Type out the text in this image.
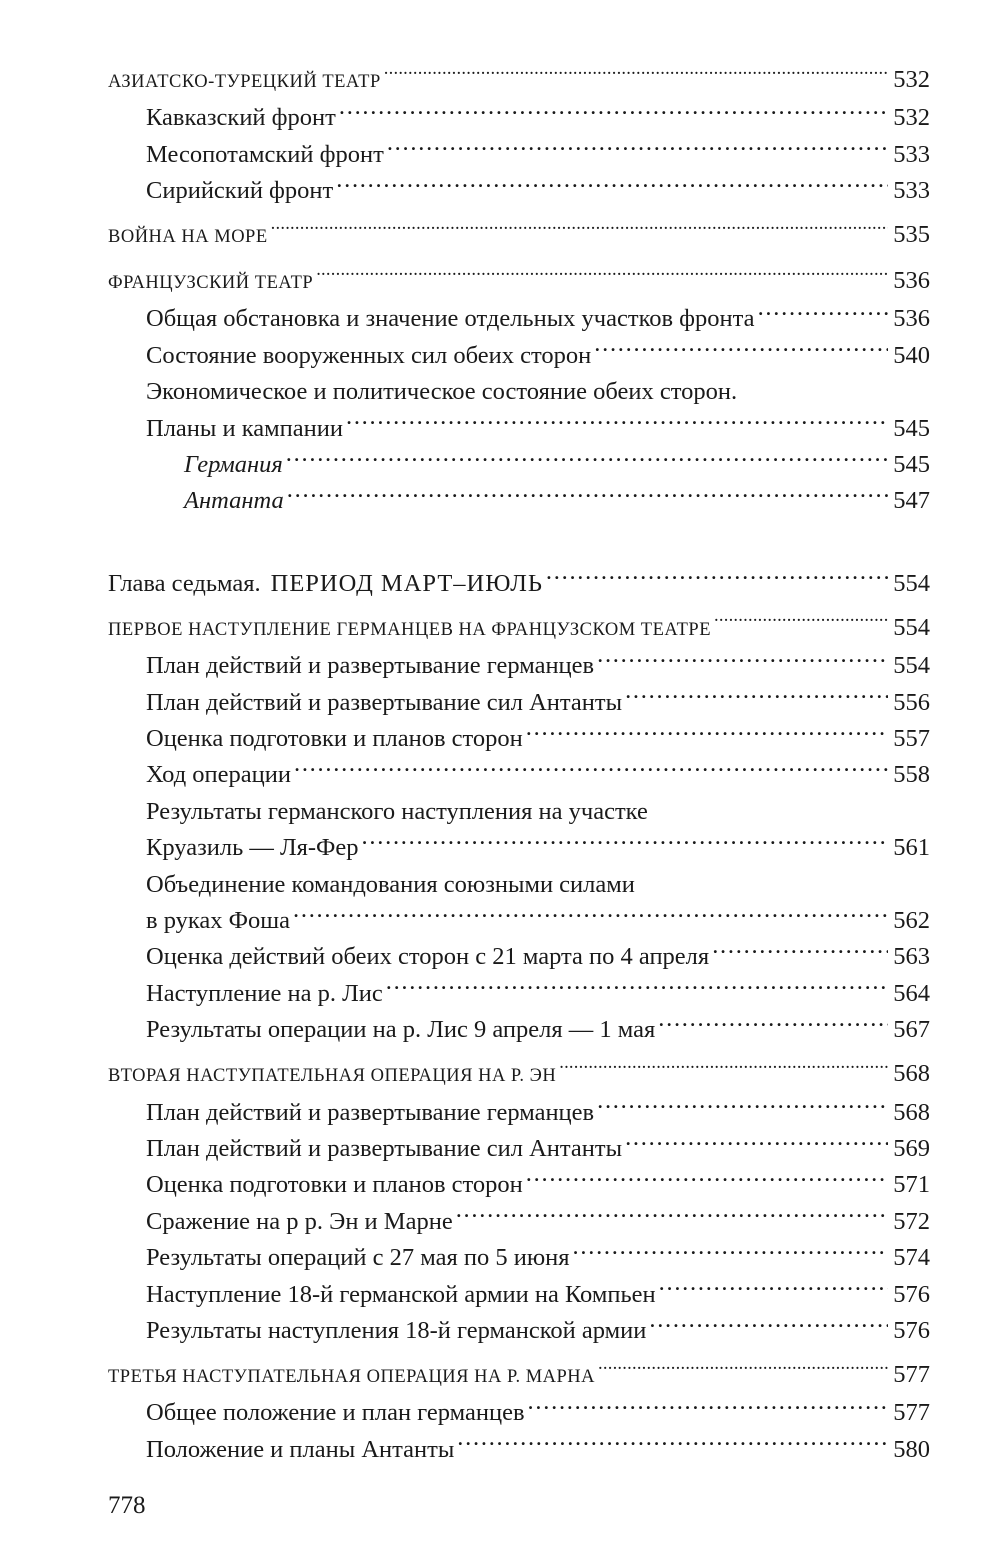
АЗИАТСКО-ТУРЕЦКИЙ ТЕАТР . . .	532
Кавказский фронт . . .	532
Месопотамский фронт . . .	533
Сирийский фронт . . .	533
ВОЙНА НА МОРЕ . . .	535
ФРАНЦУЗСКИЙ ТЕАТР . . .	536
Общая обстановка и значение отдельных участков фронта . . .	536
Состояние вооруженных сил обеих сторон . . .	540
Экономическое и политическое состояние обеих сторон.
Планы и кампании . . .	545
Германия . . .	545
Антанта . . .	547
Глава седьмая. ПЕРИОД МАРТ–ИЮЛЬ . . .	554
ПЕРВОЕ НАСТУПЛЕНИЕ ГЕРМАНЦЕВ НА ФРАНЦУЗСКОМ ТЕАТРЕ . . .	554
План действий и развертывание германцев . . .	554
План действий и развертывание сил Антанты . . .	556
Оценка подготовки и планов сторон . . .	557
Ход операции . . .	558
Результаты германского наступления на участке
Круазиль — Ля-Фер . . .	561
Объединение командования союзными силами
в руках Фоша . . .	562
Оценка действий обеих сторон с 21 марта по 4 апреля . . .	563
Наступление на р. Лис . . .	564
Результаты операции на р. Лис 9 апреля — 1 мая . . .	567
ВТОРАЯ НАСТУПАТЕЛЬНАЯ ОПЕРАЦИЯ НА Р. ЭН . . .	568
План действий и развертывание германцев . . .	568
План действий и развертывание сил Антанты . . .	569
Оценка подготовки и планов сторон . . .	571
Сражение на р р. Эн и Марне . . .	572
Результаты операций с 27 мая по 5 июня . . .	574
Наступление 18-й германской армии на Компьен . . .	576
Результаты наступления 18-й германской армии . . .	576
ТРЕТЬЯ НАСТУПАТЕЛЬНАЯ ОПЕРАЦИЯ НА Р. МАРНА . . .	577
Общее положение и план германцев . . .	577
Положение и планы Антанты . . .	580
778
